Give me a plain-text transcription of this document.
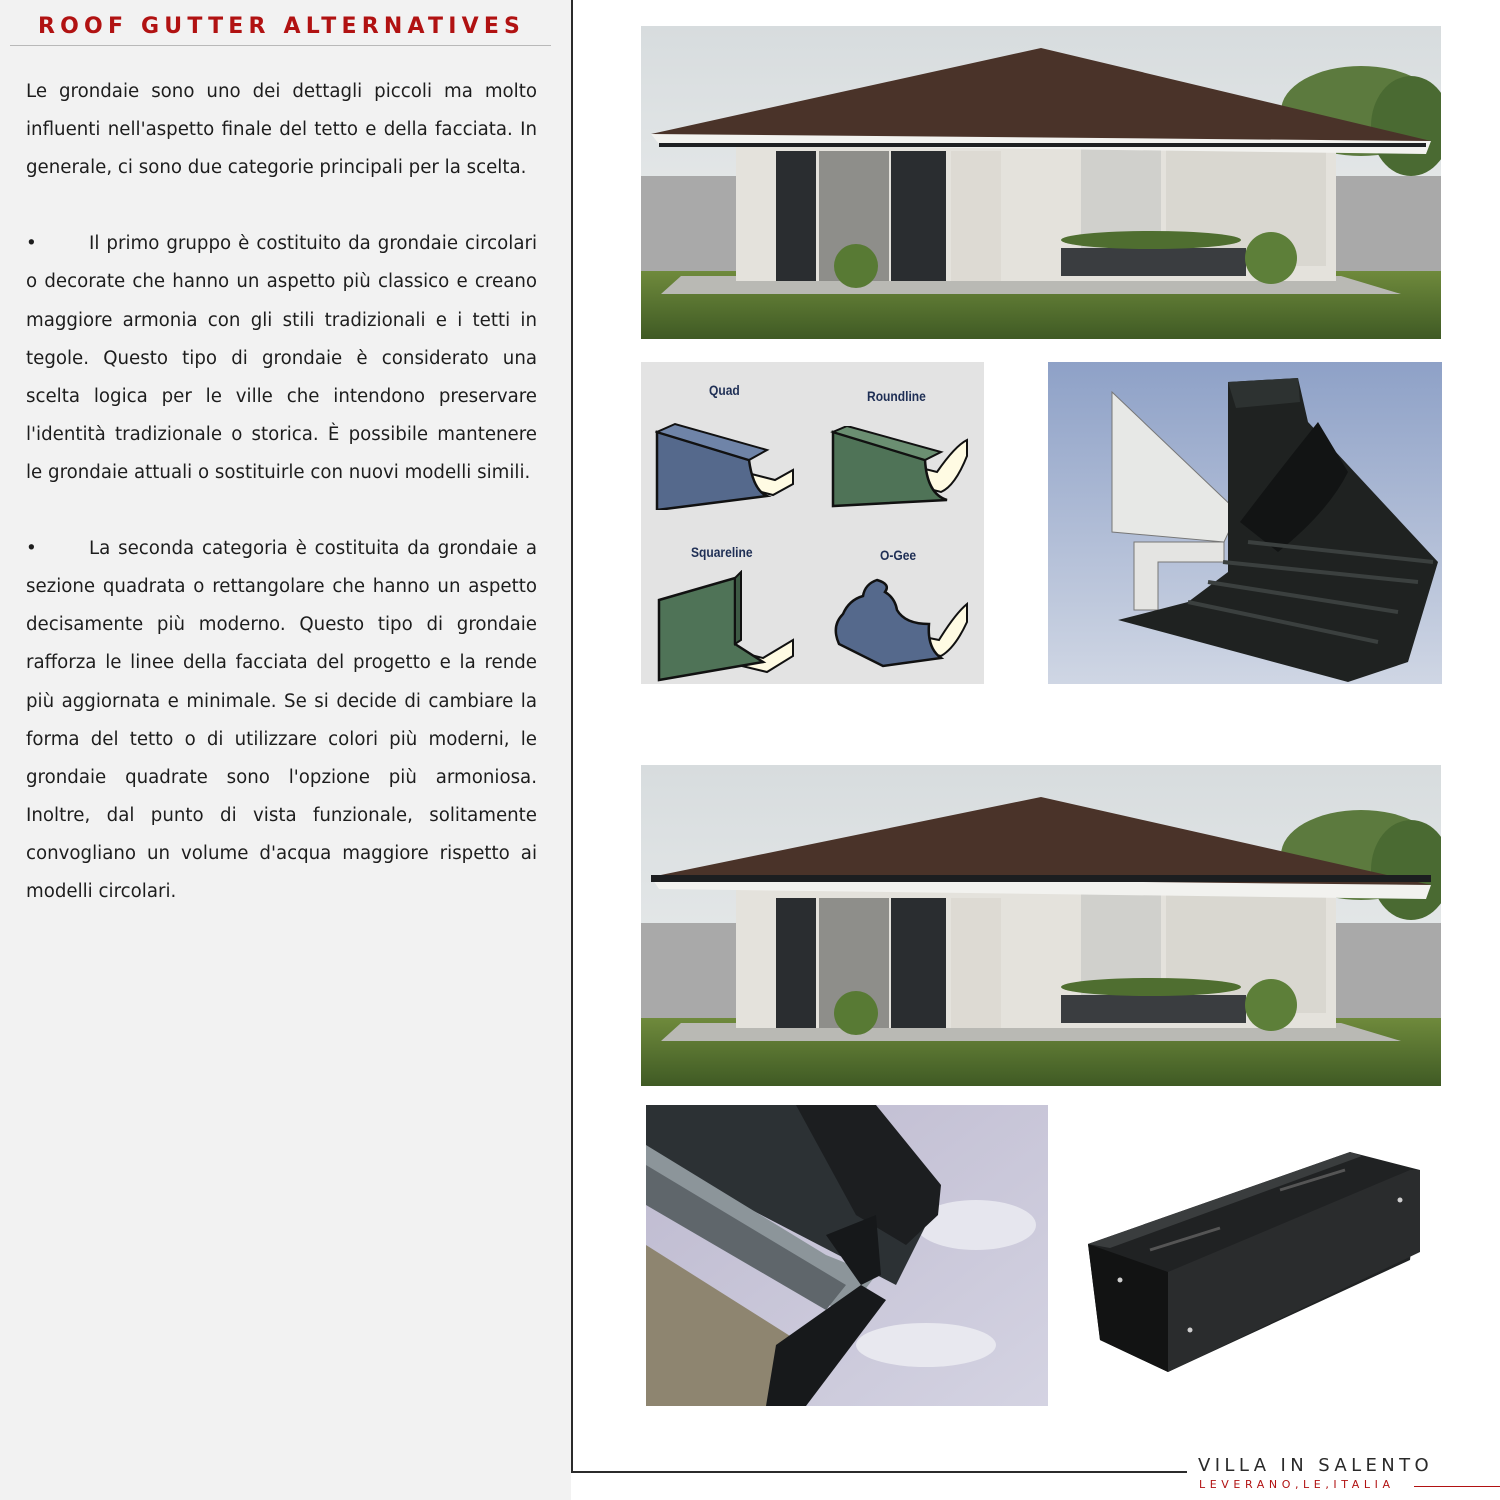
ROOF GUTTER ALTERNATIVES

Le grondaie sono uno dei dettagli piccoli ma molto influenti nell'aspetto finale del tetto e della facciata. In generale, ci sono due categorie principali per la scelta.

•	Il primo gruppo è costituito da grondaie circolari o decorate che hanno un aspetto più classico e creano maggiore armonia con gli stili tradizionali e i tetti in tegole. Questo tipo di grondaie è considerato una scelta logica per le ville che intendono preservare l'identità tradizionale o storica. È possibile mantenere le grondaie attuali o sostituirle con nuovi modelli simili.

•	La seconda categoria è costituita da grondaie a sezione quadrata o rettangolare che hanno un aspetto decisamente più moderno. Questo tipo di grondaie rafforza le linee della facciata del progetto e la rende più aggiornata e minimale. Se si decide di cambiare la forma del tetto o di utilizzare colori più moderni, le grondaie quadrate sono l'opzione più armoniosa. Inoltre, dal punto di vista funzionale, solitamente convogliano un volume d'acqua maggiore rispetto ai modelli circolari.

Quad	Roundline
Squareline	O-Gee
VILLA IN SALENTO
LEVERANO,LE,ITALIA
